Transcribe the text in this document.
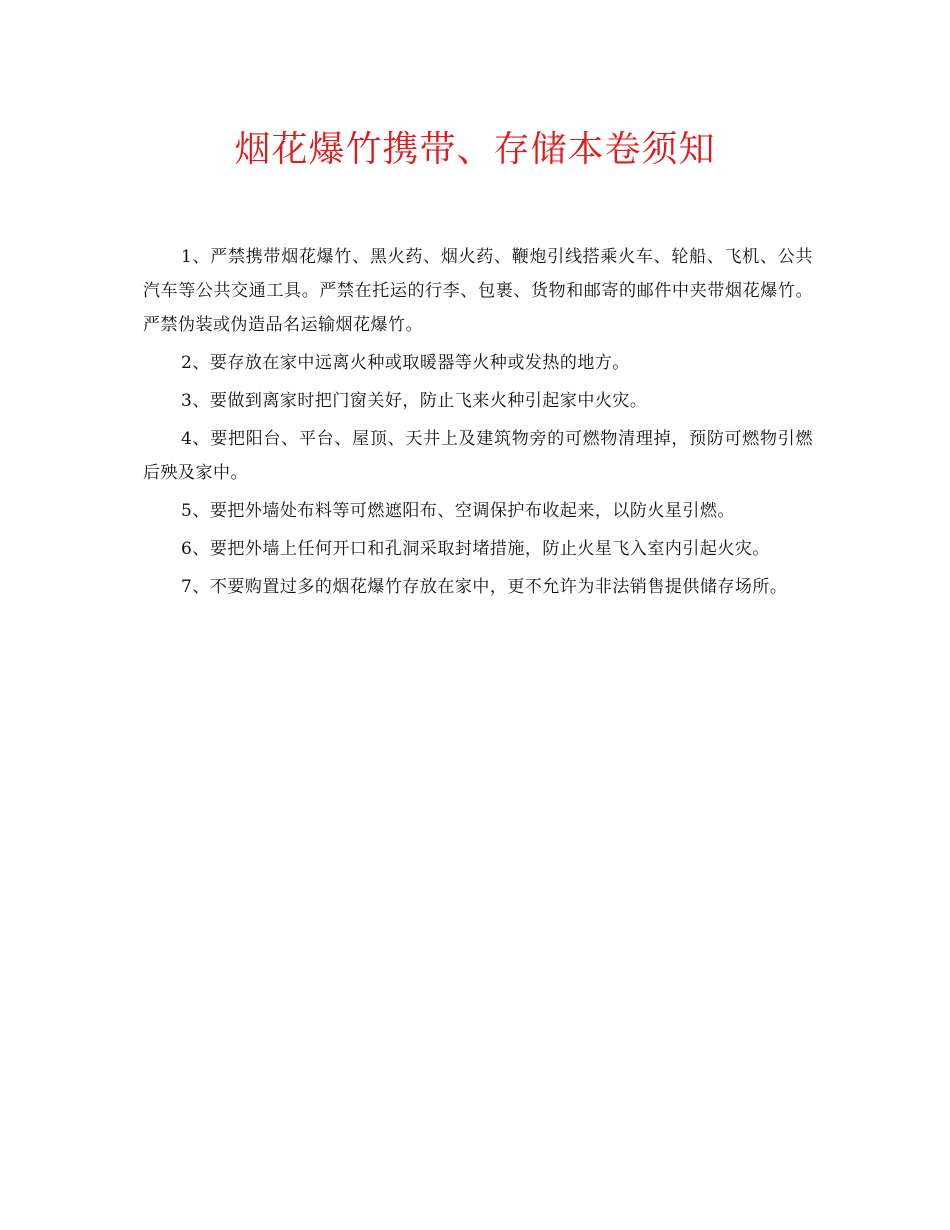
烟花爆竹携带、存储本卷须知

1、严禁携带烟花爆竹、黑火药、烟火药、鞭炮引线搭乘火车、轮船、飞机、公共汽车等公共交通工具。严禁在托运的行李、包裹、货物和邮寄的邮件中夹带烟花爆竹。严禁伪装或伪造品名运输烟花爆竹。

2、要存放在家中远离火种或取暖器等火种或发热的地方。

3、要做到离家时把门窗关好，防止飞来火种引起家中火灾。

4、要把阳台、平台、屋顶、天井上及建筑物旁的可燃物清理掉，预防可燃物引燃后殃及家中。

5、要把外墙处布料等可燃遮阳布、空调保护布收起来，以防火星引燃。

6、要把外墙上任何开口和孔洞采取封堵措施，防止火星飞入室内引起火灾。

7、不要购置过多的烟花爆竹存放在家中，更不允许为非法销售提供储存场所。
